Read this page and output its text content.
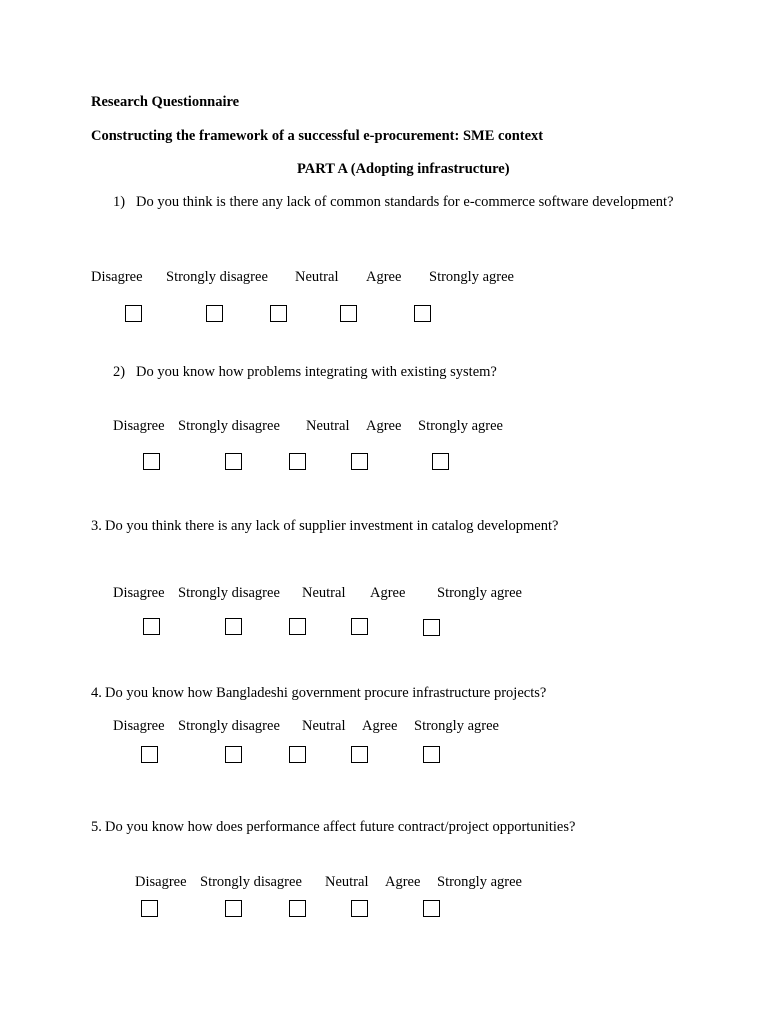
Research Questionnaire
Constructing the framework of a successful e-procurement: SME context
PART A (Adopting infrastructure)
1) Do you think is there any lack of common standards for e-commerce software development?
Disagree Strongly disagree Neutral Agree Strongly agree
2) Do you know how problems integrating with existing system?
Disagree Strongly disagree Neutral Agree Strongly agree
3. Do you think there is any lack of supplier investment in catalog development?
Disagree Strongly disagree Neutral Agree Strongly agree
4. Do you know how Bangladeshi government procure infrastructure projects?
Disagree Strongly disagree Neutral Agree Strongly agree
5. Do you know how does performance affect future contract/project opportunities?
Disagree Strongly disagree Neutral Agree Strongly agree
